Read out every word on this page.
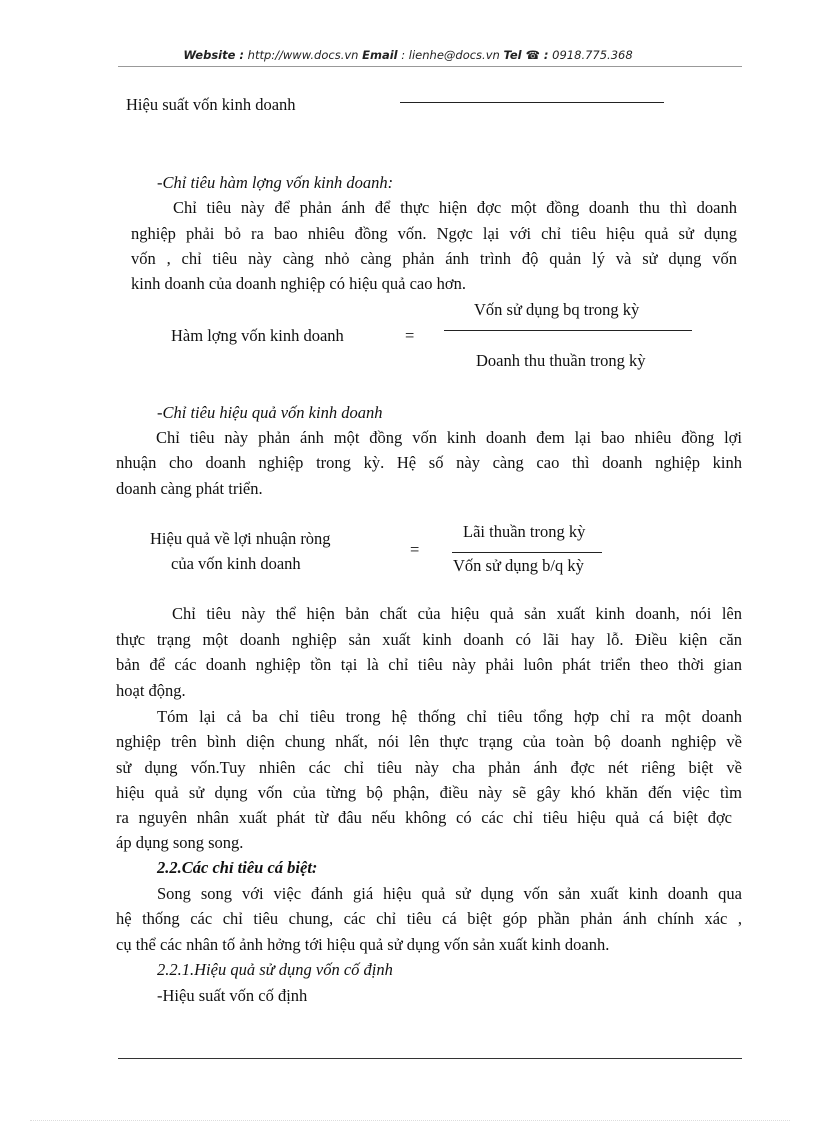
Website : http://www.docs.vn Email : lienhe@docs.vn Tel ☎ : 0918.775.368
Hiệu suất vốn kinh doanh
-Chỉ tiêu hàm lợng vốn kinh doanh:
Chỉ tiêu này để phản ánh để thực hiện đợc một đồng doanh thu thì doanh
nghiệp phải bỏ ra bao nhiêu đồng vốn. Ngợc lại với chỉ tiêu hiệu quả sử dụng
vốn , chỉ tiêu này càng nhỏ càng phản ánh trình độ quản lý và sử dụng vốn
kinh doanh của doanh nghiệp có hiệu quả cao hơn.
Hàm lợng vốn kinh doanh	=
Vốn sử dụng bq trong kỳ
Doanh thu thuần trong kỳ
-Chỉ tiêu hiệu quả vốn kinh doanh
Chỉ tiêu này phản ánh một đồng vốn kinh doanh đem lại bao nhiêu đồng lợi
nhuận cho doanh nghiệp trong kỳ. Hệ số này càng cao thì doanh nghiệp kinh
doanh càng phát triển.
Hiệu quả về lợi nhuận ròng
của vốn kinh doanh
=
Lãi thuần trong kỳ
Vốn sử dụng b/q kỳ
Chỉ tiêu này thể hiện bản chất của hiệu quả sản xuất kinh doanh, nói lên
thực trạng một doanh nghiệp sản xuất kinh doanh có lãi hay lỗ. Điều kiện căn
bản để các doanh nghiệp tồn tại là chỉ tiêu này phải luôn phát triển theo thời gian
hoạt động.
Tóm lại cả ba chỉ tiêu trong hệ thống chỉ tiêu tổng hợp chỉ ra một doanh
nghiệp trên bình diện chung nhất, nói lên thực trạng của toàn bộ doanh nghiệp về
sử dụng vốn.Tuy nhiên các chỉ tiêu này cha phản ánh đợc nét riêng biệt về
hiệu quả sử dụng vốn của từng bộ phận, điều này sẽ gây khó khăn đến việc tìm
ra nguyên nhân xuất phát từ đâu nếu không có các chỉ tiêu hiệu quả cá biệt đợc
áp dụng song song.
2.2.Các chỉ tiêu cá biệt:
Song song với việc đánh giá hiệu quả sử dụng vốn sản xuất kinh doanh qua
hệ thống các chỉ tiêu chung, các chỉ tiêu cá biệt góp phần phản ánh chính xác ,
cụ thể các nhân tố ảnh hởng tới hiệu quả sử dụng vốn sản xuất kinh doanh.
2.2.1.Hiệu quả sử dụng vốn cố định
-Hiệu suất vốn cố định
